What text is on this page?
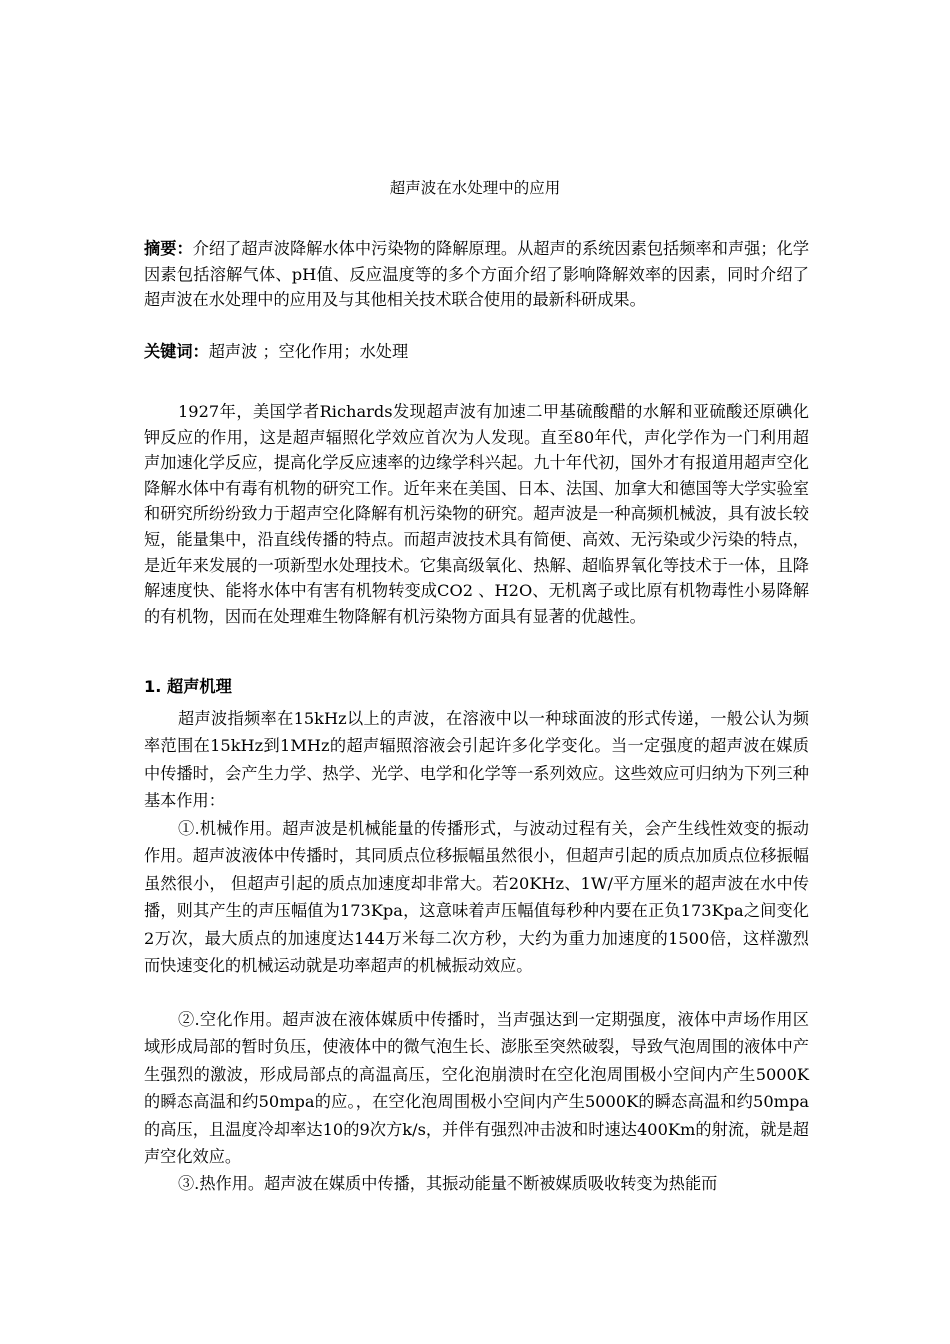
超声波在水处理中的应用
摘要：介绍了超声波降解水体中污染物的降解原理。从超声的系统因素包括频率和声强；化学因素包括溶解气体、pH值、反应温度等的多个方面介绍了影响降解效率的因素，同时介绍了超声波在水处理中的应用及与其他相关技术联合使用的最新科研成果。
关键词：超声波 ；空化作用；水处理
1927年，美国学者Richards发现超声波有加速二甲基硫酸醋的水解和亚硫酸还原碘化钾反应的作用，这是超声辐照化学效应首次为人发现。直至80年代，声化学作为一门利用超声加速化学反应，提高化学反应速率的边缘学科兴起。九十年代初，国外才有报道用超声空化降解水体中有毒有机物的研究工作。近年来在美国、日本、法国、加拿大和德国等大学实验室和研究所纷纷致力于超声空化降解有机污染物的研究。超声波是一种高频机械波，具有波长较短，能量集中，沿直线传播的特点。而超声波技术具有简便、高效、无污染或少污染的特点，是近年来发展的一项新型水处理技术。它集高级氧化、热解、超临界氧化等技术于一体，且降解速度快、能将水体中有害有机物转变成CO2 、H2O、无机离子或比原有机物毒性小易降解的有机物，因而在处理难生物降解有机污染物方面具有显著的优越性。
1. 超声机理
超声波指频率在15kHz以上的声波，在溶液中以一种球面波的形式传递，一般公认为频率范围在15kHz到1MHz的超声辐照溶液会引起许多化学变化。当一定强度的超声波在媒质中传播时，会产生力学、热学、光学、电学和化学等一系列效应。这些效应可归纳为下列三种基本作用：
①.机械作用。超声波是机械能量的传播形式，与波动过程有关，会产生线性效变的振动作用。超声波液体中传播时，其同质点位移振幅虽然很小，但超声引起的质点加质点位移振幅虽然很小， 但超声引起的质点加速度却非常大。若20KHz、1W/平方厘米的超声波在水中传播，则其产生的声压幅值为173Kpa，这意味着声压幅值每秒种内要在正负173Kpa之间变化2万次，最大质点的加速度达144万米每二次方秒，大约为重力加速度的1500倍，这样激烈而快速变化的机械运动就是功率超声的机械振动效应。
②.空化作用。超声波在液体媒质中传播时，当声强达到一定期强度，液体中声场作用区域形成局部的暂时负压，使液体中的微气泡生长、澎胀至突然破裂，导致气泡周围的液体中产生强烈的激波，形成局部点的高温高压，空化泡崩溃时在空化泡周围极小空间内产生5000K的瞬态高温和约50mpa的应。，在空化泡周围极小空间内产生5000K的瞬态高温和约50mpa的高压，且温度冷却率达10的9次方k/s，并伴有强烈冲击波和时速达400Km的射流，就是超声空化效应。
③.热作用。超声波在媒质中传播，其振动能量不断被媒质吸收转变为热能而
